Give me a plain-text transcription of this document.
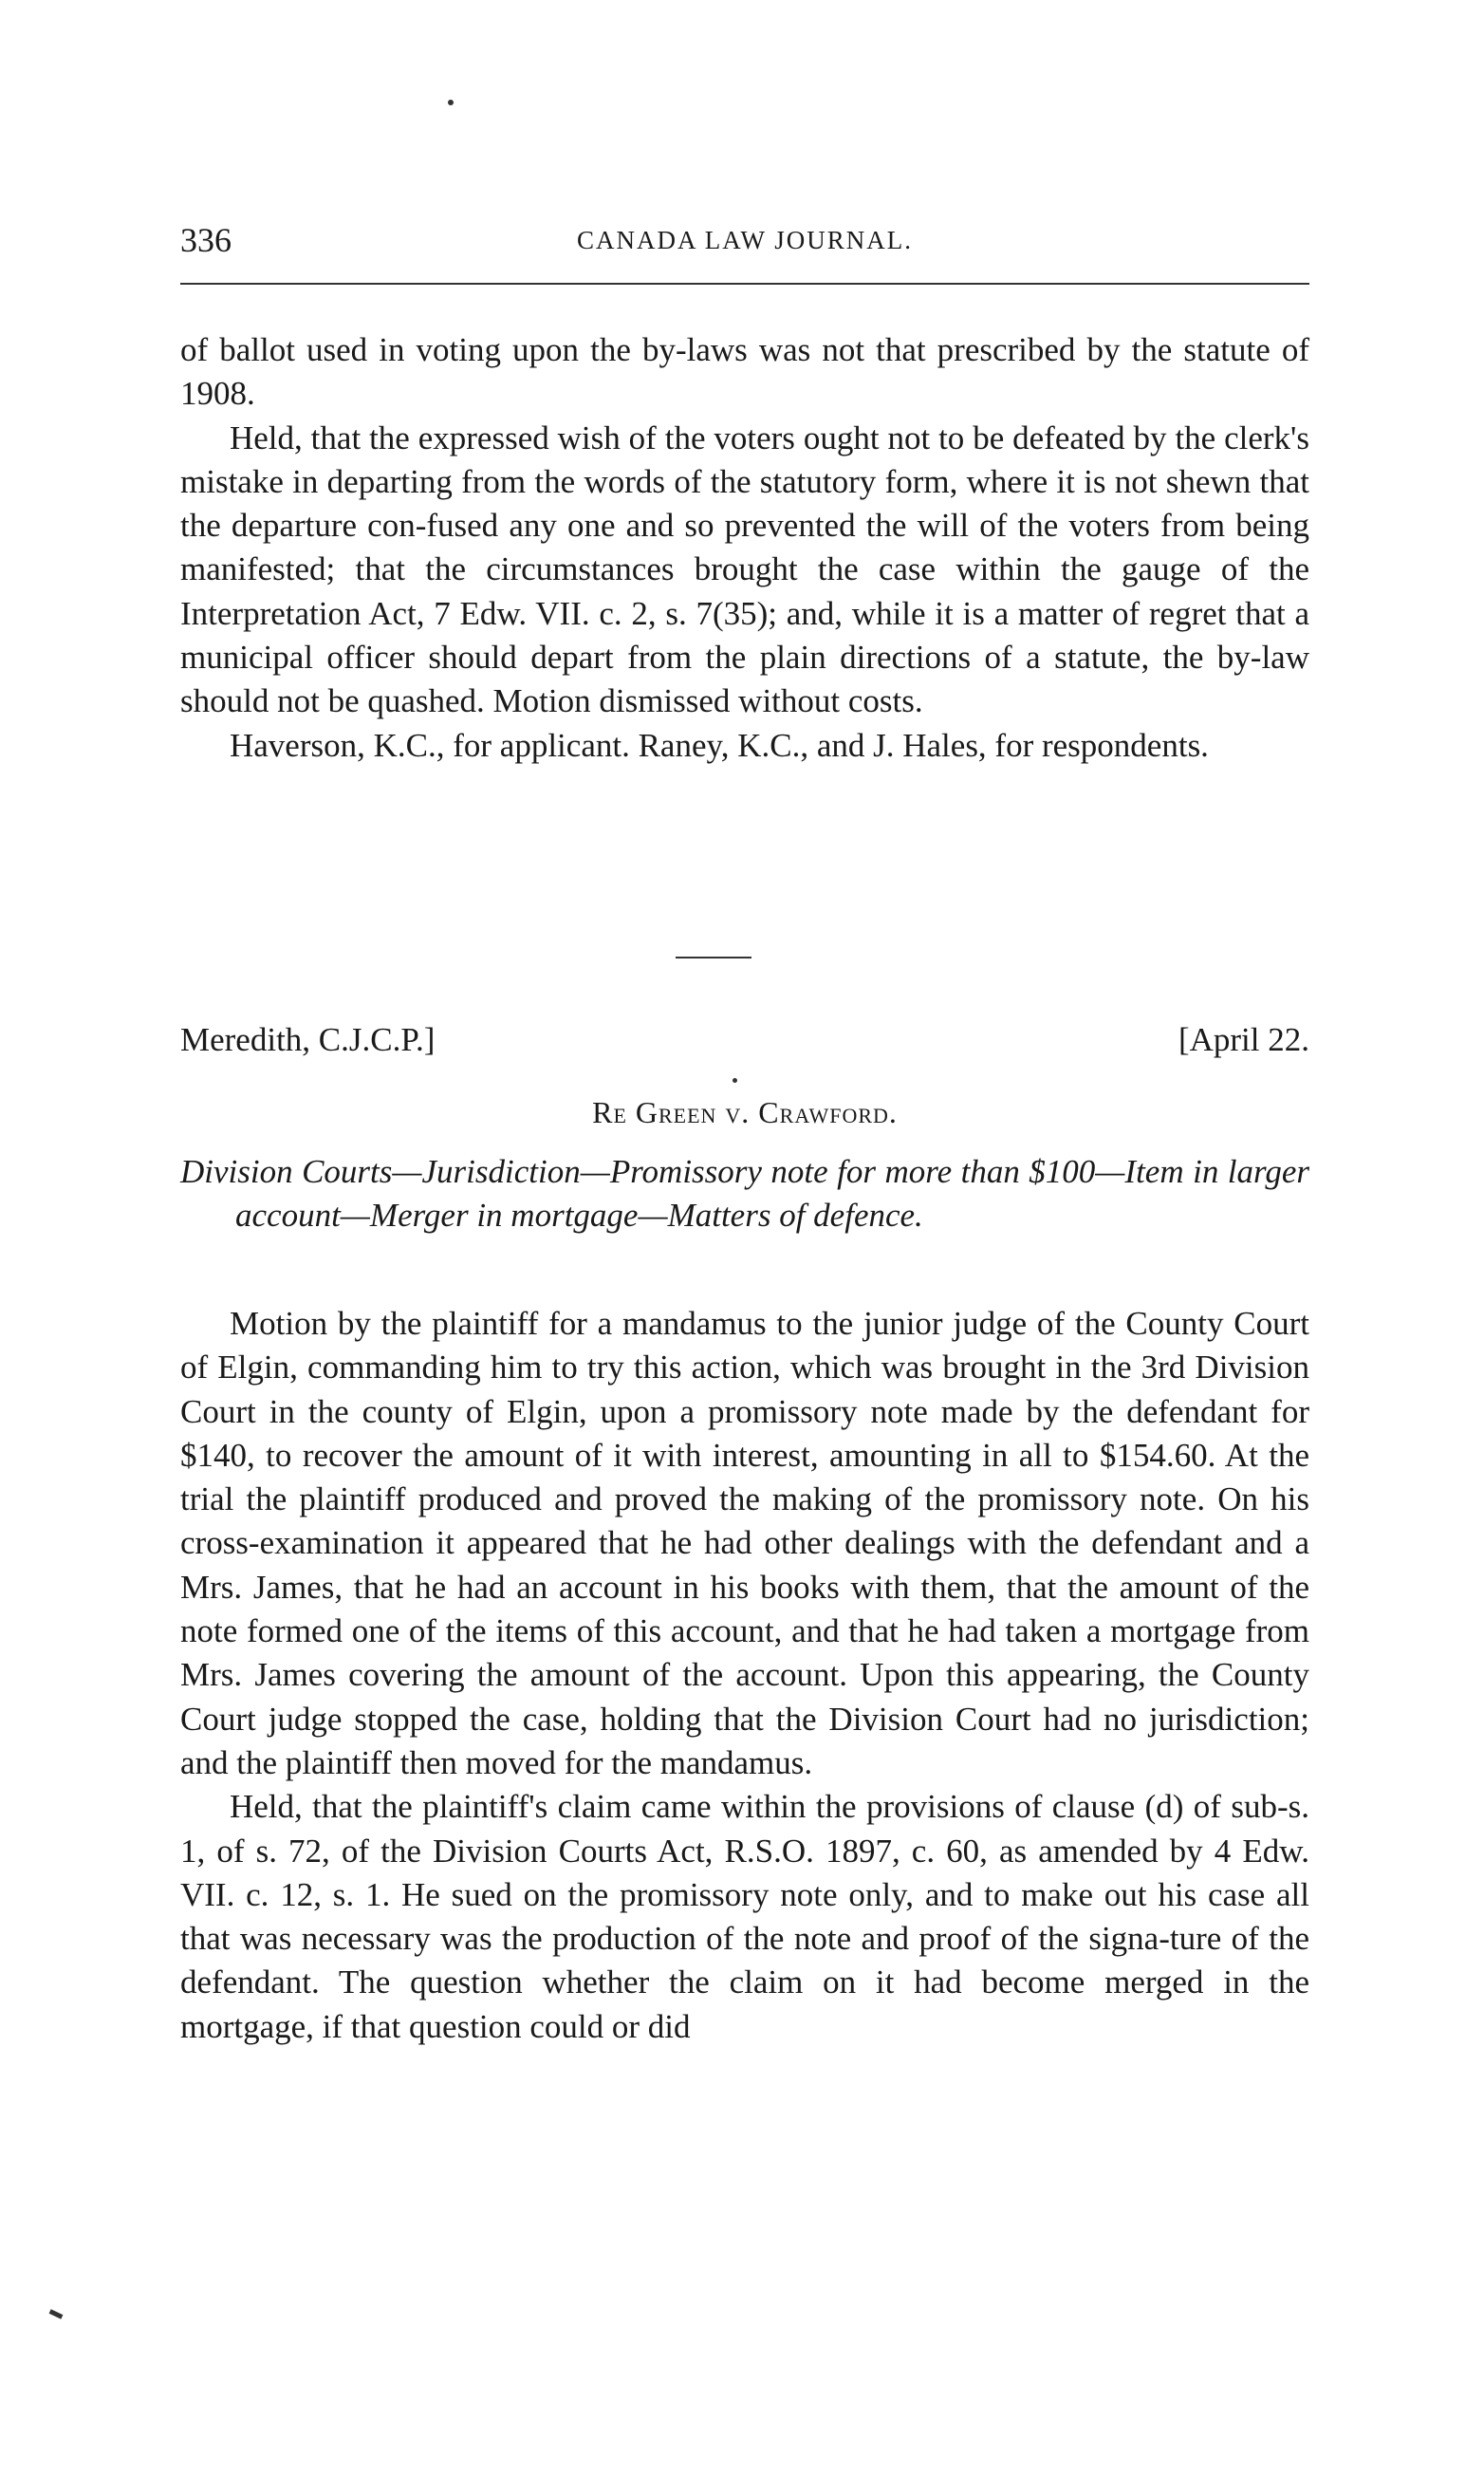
336	CANADA LAW JOURNAL.

of ballot used in voting upon the by-laws was not that prescribed by the statute of 1908.

Held, that the expressed wish of the voters ought not to be defeated by the clerk's mistake in departing from the words of the statutory form, where it is not shewn that the departure con-fused any one and so prevented the will of the voters from being manifested; that the circumstances brought the case within the gauge of the Interpretation Act, 7 Edw. VII. c. 2, s. 7(35); and, while it is a matter of regret that a municipal officer should depart from the plain directions of a statute, the by-law should not be quashed. Motion dismissed without costs.

Haverson, K.C., for applicant. Raney, K.C., and J. Hales, for respondents.

Meredith, C.J.C.P.]	[April 22.
Re Green v. Crawford.
Division Courts—Jurisdiction—Promissory note for more than $100—Item in larger account—Merger in mortgage—Matters of defence.

Motion by the plaintiff for a mandamus to the junior judge of the County Court of Elgin, commanding him to try this action, which was brought in the 3rd Division Court in the county of Elgin, upon a promissory note made by the defendant for $140, to recover the amount of it with interest, amounting in all to $154.60. At the trial the plaintiff produced and proved the making of the promissory note. On his cross-examination it appeared that he had other dealings with the defendant and a Mrs. James, that he had an account in his books with them, that the amount of the note formed one of the items of this account, and that he had taken a mortgage from Mrs. James covering the amount of the account. Upon this appearing, the County Court judge stopped the case, holding that the Division Court had no jurisdiction; and the plaintiff then moved for the mandamus.

Held, that the plaintiff's claim came within the provisions of clause (d) of sub-s. 1, of s. 72, of the Division Courts Act, R.S.O. 1897, c. 60, as amended by 4 Edw. VII. c. 12, s. 1. He sued on the promissory note only, and to make out his case all that was necessary was the production of the note and proof of the signa-ture of the defendant. The question whether the claim on it had become merged in the mortgage, if that question could or did
